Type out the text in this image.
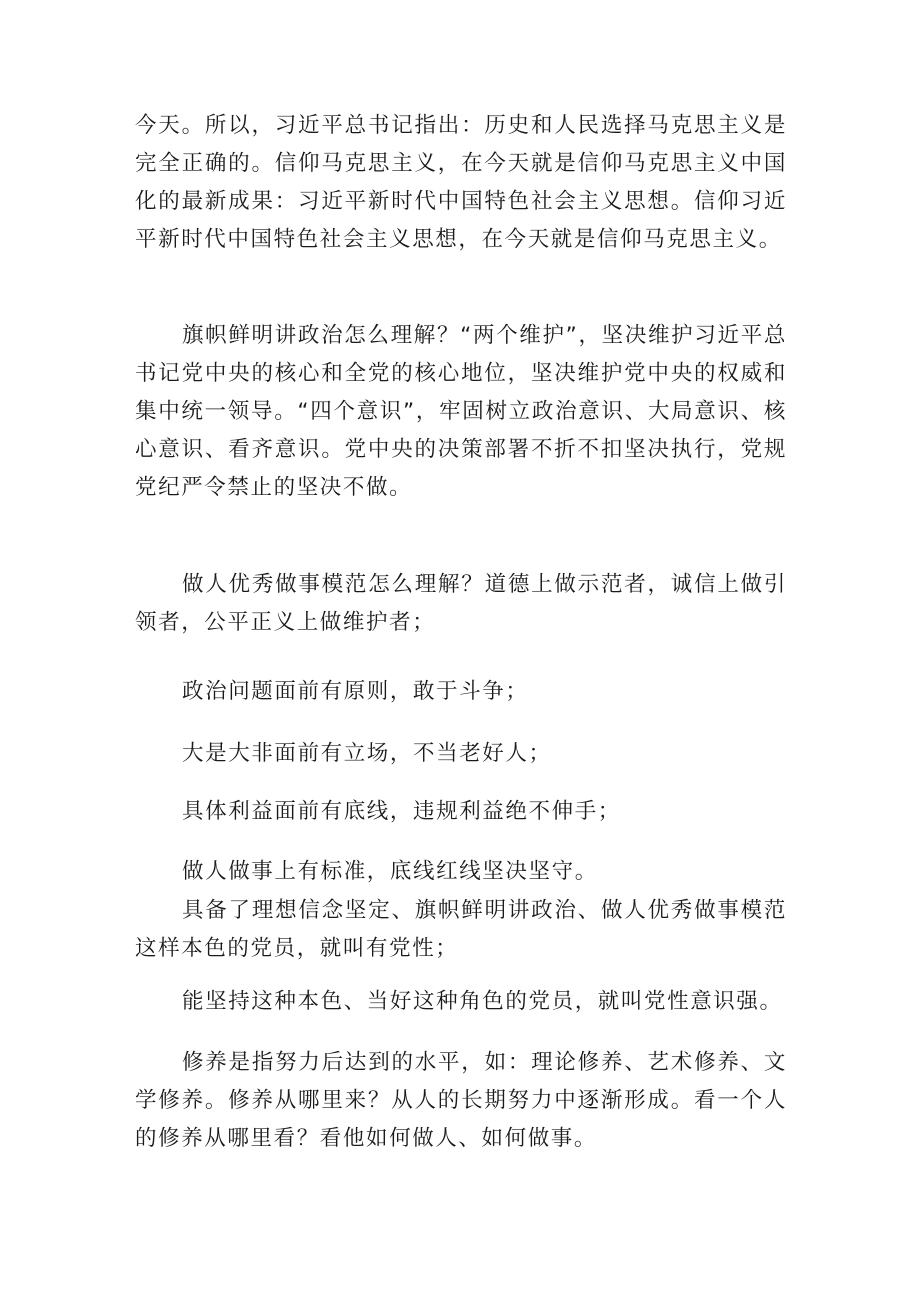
今天。所以，习近平总书记指出：历史和人民选择马克思主义是完全正确的。信仰马克思主义，在今天就是信仰马克思主义中国化的最新成果：习近平新时代中国特色社会主义思想。信仰习近平新时代中国特色社会主义思想，在今天就是信仰马克思主义。

旗帜鲜明讲政治怎么理解？“两个维护”，坚决维护习近平总书记党中央的核心和全党的核心地位，坚决维护党中央的权威和集中统一领导。“四个意识”，牢固树立政治意识、大局意识、核心意识、看齐意识。党中央的决策部署不折不扣坚决执行，党规党纪严令禁止的坚决不做。

做人优秀做事模范怎么理解？道德上做示范者，诚信上做引领者，公平正义上做维护者；

政治问题面前有原则，敢于斗争；

大是大非面前有立场，不当老好人；

具体利益面前有底线，违规利益绝不伸手；

做人做事上有标准，底线红线坚决坚守。

具备了理想信念坚定、旗帜鲜明讲政治、做人优秀做事模范这样本色的党员，就叫有党性；

能坚持这种本色、当好这种角色的党员，就叫党性意识强。

修养是指努力后达到的水平，如：理论修养、艺术修养、文学修养。修养从哪里来？从人的长期努力中逐渐形成。看一个人的修养从哪里看？看他如何做人、如何做事。
